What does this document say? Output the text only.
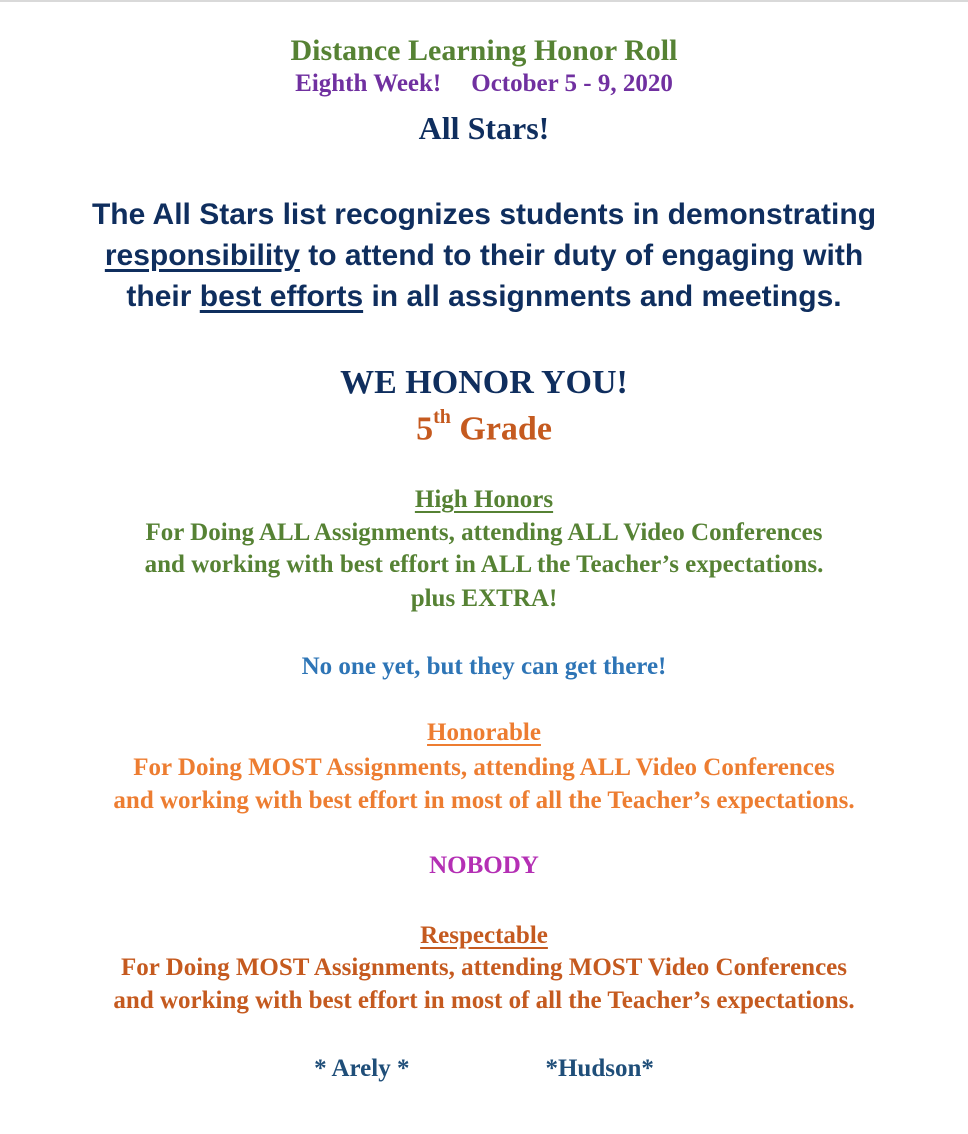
Distance Learning Honor Roll
Eighth Week! October 5 - 9, 2020
All Stars!
The All Stars list recognizes students in demonstrating
responsibility to attend to their duty of engaging with
their best efforts in all assignments and meetings.
WE HONOR YOU!
5th Grade
High Honors
For Doing ALL Assignments, attending ALL Video Conferences
and working with best effort in ALL the Teacher’s expectations.
plus EXTRA!
No one yet, but they can get there!
Honorable
For Doing MOST Assignments, attending ALL Video Conferences
and working with best effort in most of all the Teacher’s expectations.
NOBODY
Respectable
For Doing MOST Assignments, attending MOST Video Conferences
and working with best effort in most of all the Teacher’s expectations.
* Arely *	*Hudson*
